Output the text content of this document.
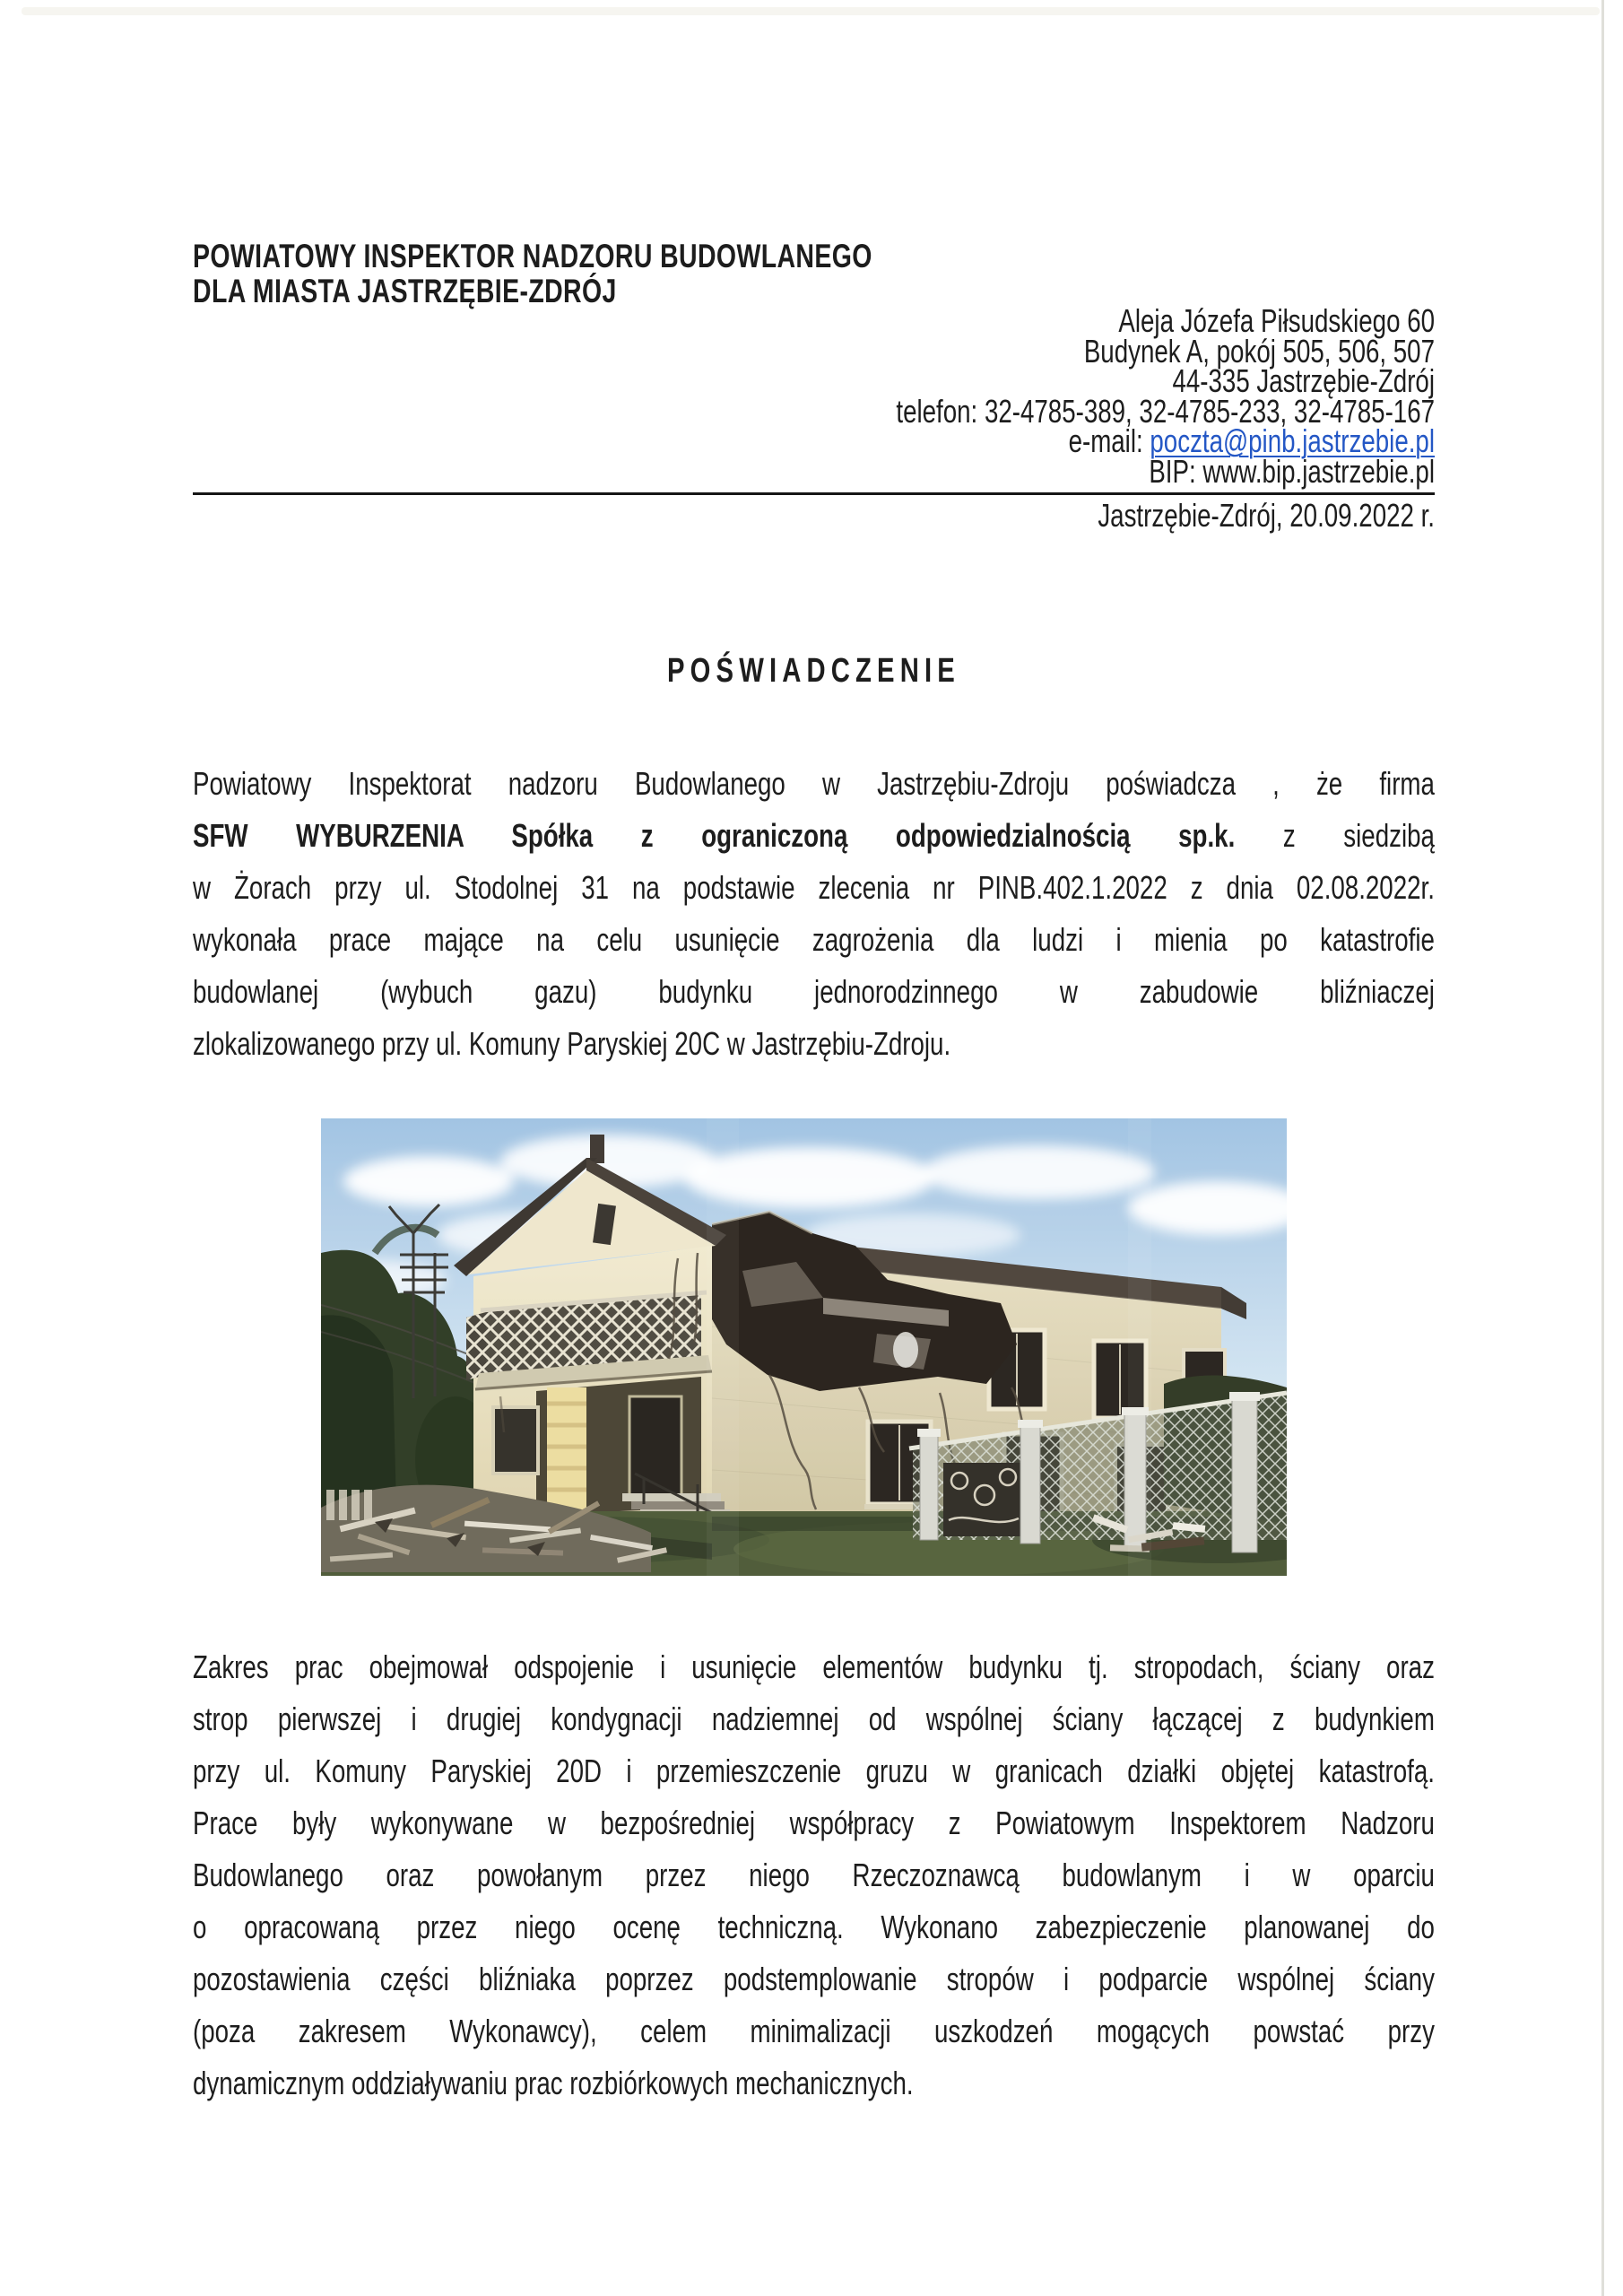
POWIATOWY INSPEKTOR NADZORU BUDOWLANEGO
DLA MIASTA JASTRZĘBIE-ZDRÓJ
Aleja Józefa Piłsudskiego 60
Budynek A, pokój 505, 506, 507
44-335 Jastrzębie-Zdrój
telefon: 32-4785-389, 32-4785-233, 32-4785-167
e-mail: poczta@pinb.jastrzebie.pl
BIP: www.bip.jastrzebie.pl
Jastrzębie-Zdrój, 20.09.2022 r.
POŚWIADCZENIE
Powiatowy Inspektorat nadzoru Budowlanego w Jastrzębiu-Zdroju poświadcza , że firma
SFW WYBURZENIA Spółka z ograniczoną odpowiedzialnością sp.k. z siedzibą
w Żorach przy ul. Stodolnej 31 na podstawie zlecenia nr PINB.402.1.2022 z dnia 02.08.2022r.
wykonała prace mające na celu usunięcie zagrożenia dla ludzi i mienia po katastrofie
budowlanej (wybuch gazu) budynku jednorodzinnego w zabudowie bliźniaczej
zlokalizowanego przy ul. Komuny Paryskiej 20C w Jastrzębiu-Zdroju.
Zakres prac obejmował odspojenie i usunięcie elementów budynku tj. stropodach, ściany oraz
strop pierwszej i drugiej kondygnacji nadziemnej od wspólnej ściany łączącej z budynkiem
przy ul. Komuny Paryskiej 20D i przemieszczenie gruzu w granicach działki objętej katastrofą.
Prace były wykonywane w bezpośredniej współpracy z Powiatowym Inspektorem Nadzoru
Budowlanego oraz powołanym przez niego Rzeczoznawcą budowlanym i w oparciu
o opracowaną przez niego ocenę techniczną. Wykonano zabezpieczenie planowanej do
pozostawienia części bliźniaka poprzez podstemplowanie stropów i podparcie wspólnej ściany
(poza zakresem Wykonawcy), celem minimalizacji uszkodzeń mogących powstać przy
dynamicznym oddziaływaniu prac rozbiórkowych mechanicznych.
